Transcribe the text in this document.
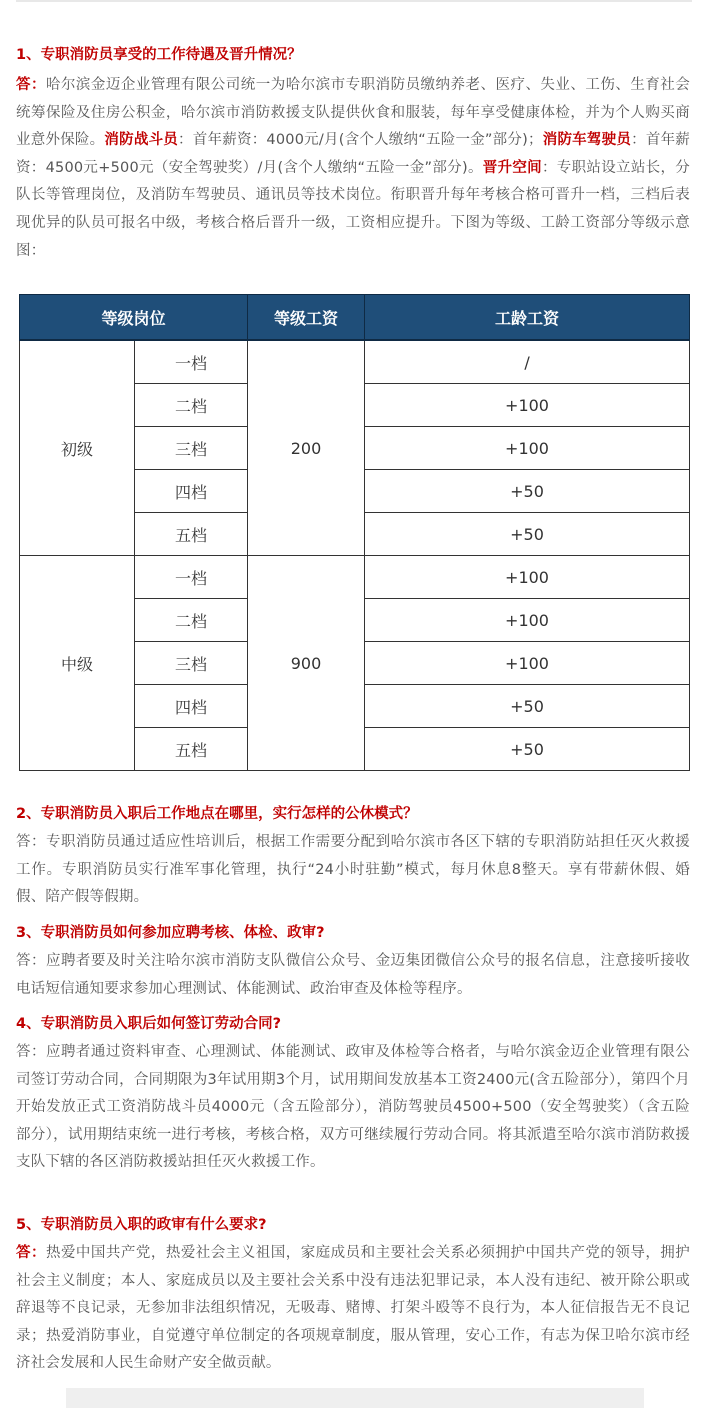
1、专职消防员享受的工作待遇及晋升情况？

答：哈尔滨金迈企业管理有限公司统一为哈尔滨市专职消防员缴纳养老、医疗、失业、工伤、生育社会统筹保险及住房公积金，哈尔滨市消防救援支队提供伙食和服装，每年享受健康体检，并为个人购买商业意外保险。消防战斗员：首年薪资：4000元/月(含个人缴纳“五险一金”部分)；消防车驾驶员：首年薪资：4500元+500元（安全驾驶奖）/月(含个人缴纳“五险一金”部分)。晋升空间：专职站设立站长，分队长等管理岗位，及消防车驾驶员、通讯员等技术岗位。衔职晋升每年考核合格可晋升一档，三档后表现优异的队员可报名中级，考核合格后晋升一级，工资相应提升。下图为等级、工龄工资部分等级示意图：

等级岗位		等级工资	工龄工资
初级	一档	200	/
	二档		+100
	三档		+100
	四档		+50
	五档		+50
中级	一档	900	+100
	二档		+100
	三档		+100
	四档		+50
	五档		+50

2、专职消防员入职后工作地点在哪里，实行怎样的公休模式？

答：专职消防员通过适应性培训后，根据工作需要分配到哈尔滨市各区下辖的专职消防站担任灭火救援工作。专职消防员实行准军事化管理，执行“24小时驻勤”模式，每月休息8整天。享有带薪休假、婚假、陪产假等假期。

3、专职消防员如何参加应聘考核、体检、政审?

答：应聘者要及时关注哈尔滨市消防支队微信公众号、金迈集团微信公众号的报名信息，注意接听接收电话短信通知要求参加心理测试、体能测试、政治审查及体检等程序。

4、专职消防员入职后如何签订劳动合同?

答：应聘者通过资料审查、心理测试、体能测试、政审及体检等合格者，与哈尔滨金迈企业管理有限公司签订劳动合同，合同期限为3年试用期3个月，试用期间发放基本工资2400元(含五险部分），第四个月开始发放正式工资消防战斗员4000元（含五险部分），消防驾驶员4500+500（安全驾驶奖）（含五险部分），试用期结束统一进行考核，考核合格，双方可继续履行劳动合同。将其派遣至哈尔滨市消防救援支队下辖的各区消防救援站担任灭火救援工作。

5、专职消防员入职的政审有什么要求?

答：热爱中国共产党，热爱社会主义祖国，家庭成员和主要社会关系必须拥护中国共产党的领导，拥护社会主义制度；本人、家庭成员以及主要社会关系中没有违法犯罪记录，本人没有违纪、被开除公职或辞退等不良记录，无参加非法组织情况，无吸毒、赌博、打架斗殴等不良行为，本人征信报告无不良记录；热爱消防事业，自觉遵守单位制定的各项规章制度，服从管理，安心工作，有志为保卫哈尔滨市经济社会发展和人民生命财产安全做贡献。
